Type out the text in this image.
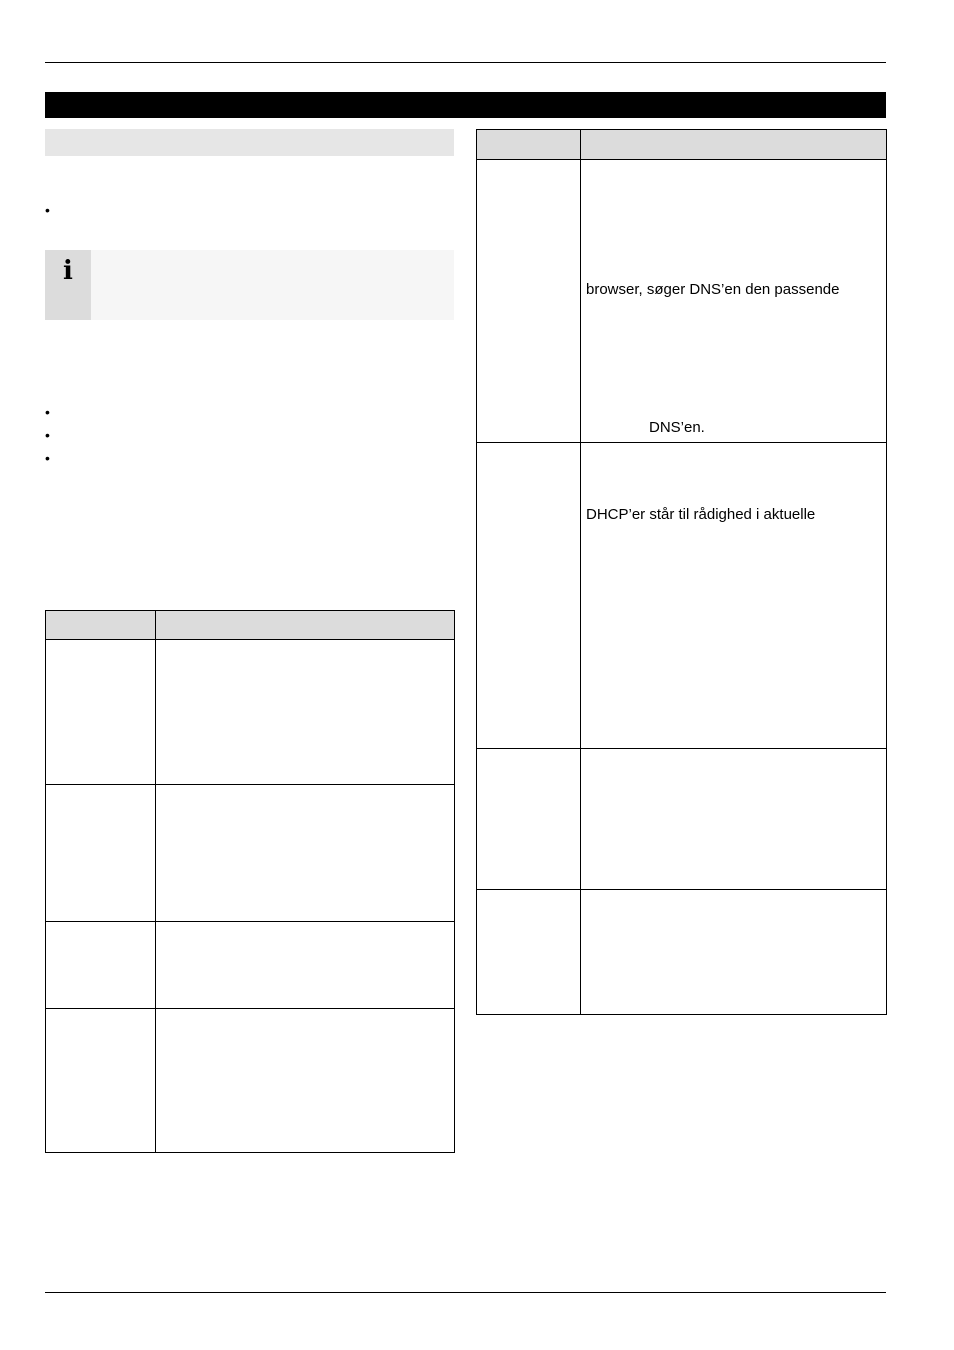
•
i
•
•
•

	browser, søger DNS’en den passende
DNS’en.

	DHCP’er står til rådighed i aktuelle
